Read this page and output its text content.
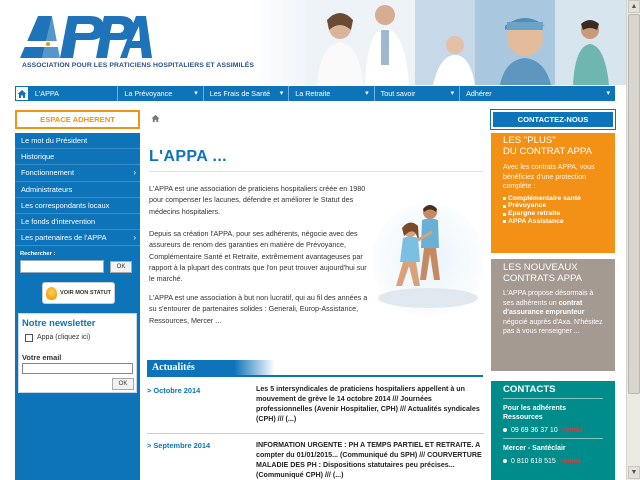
ASSOCIATION POUR LES PRATICIENS HOSPITALIERS ET ASSIMILÉS
▲
▼
L'APPA	La Prévoyance	▾	Les Frais de Santé ▾	La Retraite	▾	Tout savoir	▾	Adhérer	▾
ESPACE ADHERENT
Le mot du Président
Historique
Fonctionnement	›
Administrateurs
Les correspondants locaux
Le fonds d'intervention
Les partenaires de l'APPA	›
Rechercher :
OK
VOIR MON STATUT
Notre newsletter
Appa (cliquez ici)
Votre email
OK
L'APPA ...
L'APPA est une association de praticiens hospitaliers créée en 1980 pour compenser les lacunes, défendre et améliorer le Statut des médecins hospitaliers.
Depuis sa création l'APPA, pour ses adhérents, négocie avec des assureurs de renom des garanties en matière de Prévoyance, Complémentaire Santé et Retraite, extrêmement avantageuses par rapport à la plupart des contrats que l'on peut trouver aujourd'hui sur le marché.
L'APPA est une association à but non lucratif, qui au fil des années a su s'entourer de partenaires solides : Generali, Europ-Assistance, Ressources, Mercer ...
Actualités
> Octobre 2014	Les 5 intersyndicales de praticiens hospitaliers appellent à un mouvement de grève le 14 octobre 2014 /// Journées professionnelles (Avenir Hospitalier, CPH) /// Actualités syndicales (CPH) /// (...)
> Septembre 2014	INFORMATION URGENTE : PH A TEMPS PARTIEL ET RETRAITE. A compter du 01/01/2015... (Communiqué du SPH) /// COURVERTURE MALADIE DES PH : Dispositions statutaires peu précises... (Communiqué CPH) /// (...)
CONTACTEZ-NOUS
LES "PLUS"
DU CONTRAT APPA

Avec les contrats APPA, vous bénéficiez d'une protection complète :

Complémentaire santé
Prévoyance
Epargne retraite
APPA Assistance
LES NOUVEAUX
CONTRATS APPA

L'APPA propose désormais à ses adhérents un contrat d'assurance emprunteur négocié auprès d'Axa. N'hésitez pas à vous renseigner ...

CONTACTS
Pour les adhérents Ressources
09 69 36 37 10 >email
Mercer - Santéclair
0 810 618 515 >email
